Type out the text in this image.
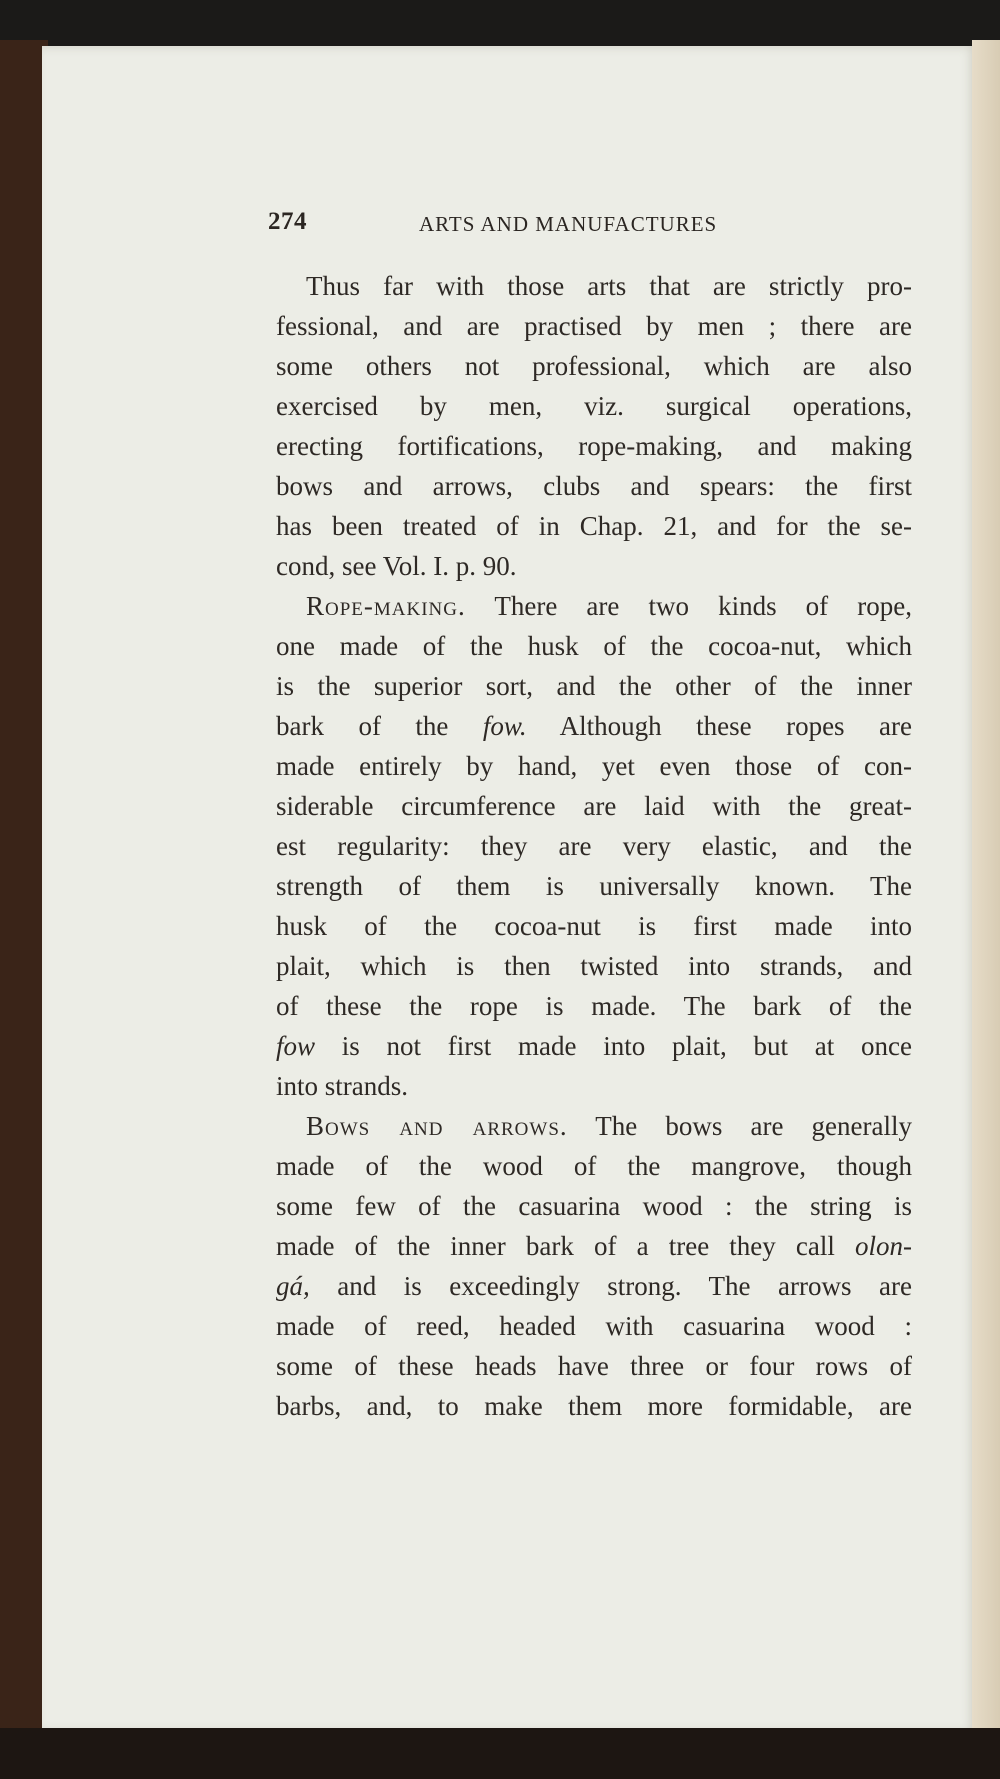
274	ARTS AND MANUFACTURES
Thus far with those arts that are strictly pro-
fessional, and are practised by men ; there are
some others not professional, which are also
exercised by men, viz. surgical operations,
erecting fortifications, rope-making, and making
bows and arrows, clubs and spears: the first
has been treated of in Chap. 21, and for the se-
cond, see Vol. I. p. 90.
Rope-making. There are two kinds of rope,
one made of the husk of the cocoa-nut, which
is the superior sort, and the other of the inner
bark of the fow. Although these ropes are
made entirely by hand, yet even those of con-
siderable circumference are laid with the great-
est regularity: they are very elastic, and the
strength of them is universally known. The
husk of the cocoa-nut is first made into
plait, which is then twisted into strands, and
of these the rope is made. The bark of the
fow is not first made into plait, but at once
into strands.
Bows and arrows. The bows are generally
made of the wood of the mangrove, though
some few of the casuarina wood : the string is
made of the inner bark of a tree they call olon-
gá, and is exceedingly strong. The arrows are
made of reed, headed with casuarina wood :
some of these heads have three or four rows of
barbs, and, to make them more formidable, are
